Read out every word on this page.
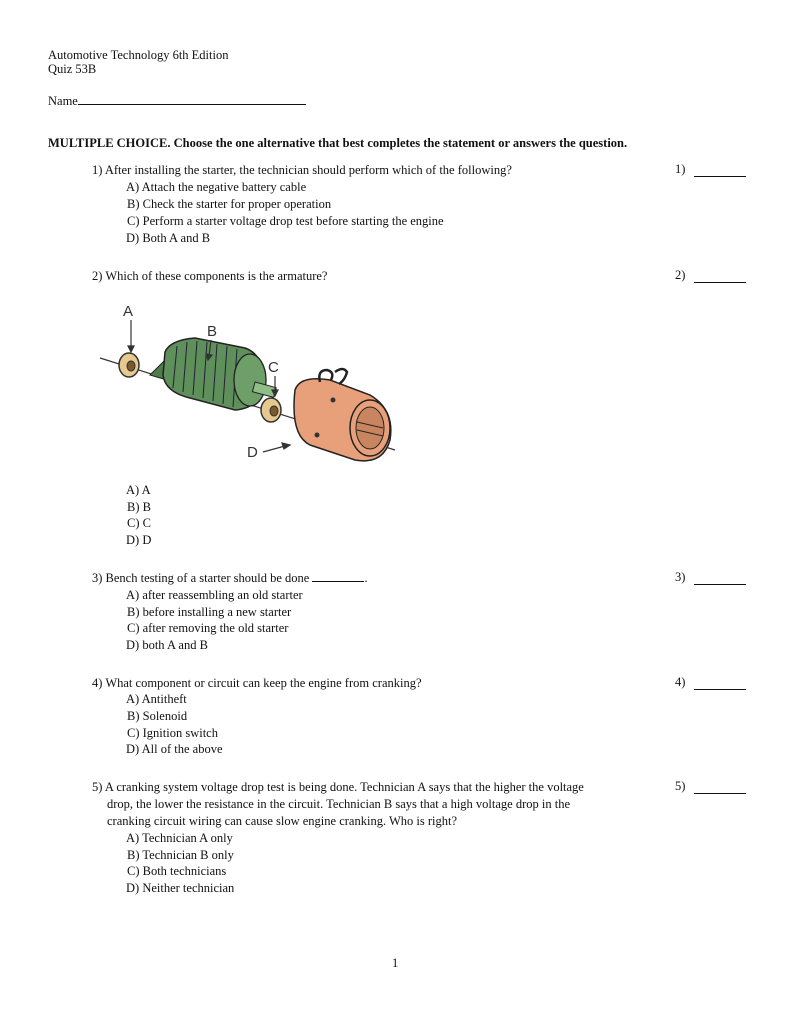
Automotive Technology 6th Edition
Quiz 53B
Name
MULTIPLE CHOICE. Choose the one alternative that best completes the statement or answers the question.
1) After installing the starter, the technician should perform which of the following?	1)
A) Attach the negative battery cable
B) Check the starter for proper operation
C) Perform a starter voltage drop test before starting the engine
D) Both A and B
2) Which of these components is the armature?	2)
A
B
C
D
A) A
B) B
C) C
D) D
3) Bench testing of a starter should be done	.	3)
A) after reassembling an old starter
B) before installing a new starter
C) after removing the old starter
D) both A and B
4) What component or circuit can keep the engine from cranking?	4)
A) Antitheft
B) Solenoid
C) Ignition switch
D) All of the above
5) A cranking system voltage drop test is being done. Technician A says that the higher the voltage
drop, the lower the resistance in the circuit. Technician B says that a high voltage drop in the
cranking circuit wiring can cause slow engine cranking. Who is right?
5)
A) Technician A only
B) Technician B only
C) Both technicians
D) Neither technician
1
